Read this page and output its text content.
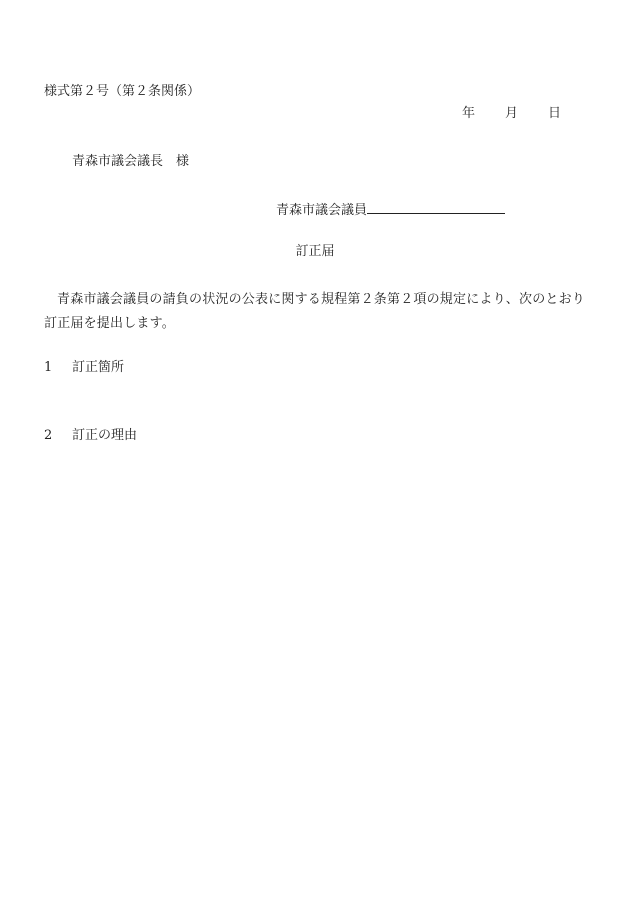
様式第２号（第２条関係）
年 月 日
青森市議会議長　様
青森市議会議員
訂正届
青森市議会議員の請負の状況の公表に関する規程第２条第２項の規定により、次のとおり訂正届を提出します。
1 訂正箇所
2 訂正の理由
